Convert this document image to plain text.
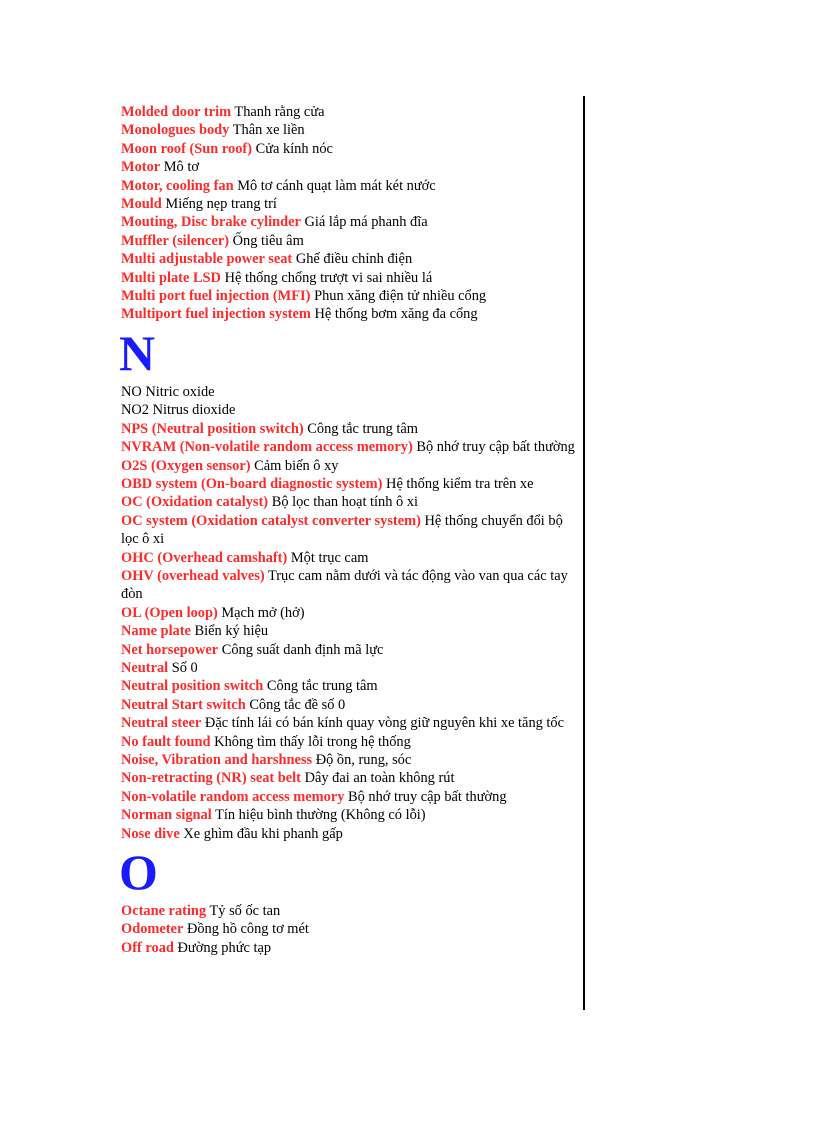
Molded door trim Thanh rằng cửa
Monologues body Thân xe liền
Moon roof (Sun roof) Cửa kính nóc
Motor Mô tơ
Motor, cooling fan Mô tơ cánh quạt làm mát két nước
Mould Miếng nẹp trang trí
Mouting, Disc brake cylinder Giá lắp má phanh đĩa
Muffler (silencer) Ống tiêu âm
Multi adjustable power seat Ghế điều chỉnh điện
Multi plate LSD Hệ thống chống trượt vi sai nhiều lá
Multi port fuel injection (MFI) Phun xăng điện tử nhiều cổng
Multiport fuel injection system Hệ thống bơm xăng đa cổng
N
NO Nitric oxide
NO2 Nitrus dioxide
NPS (Neutral position switch) Công tắc trung tâm
NVRAM (Non-volatile random access memory) Bộ nhớ truy cập bất thường
O2S (Oxygen sensor) Cảm biến ô xy
OBD system (On-board diagnostic system) Hệ thống kiểm tra trên xe
OC (Oxidation catalyst) Bộ lọc than hoạt tính ô xi
OC system (Oxidation catalyst converter system) Hệ thống chuyển đổi bộ lọc ô xi
OHC (Overhead camshaft) Một trục cam
OHV (overhead valves) Trục cam nằm dưới và tác động vào van qua các tay đòn
OL (Open loop) Mạch mở (hở)
Name plate Biển ký hiệu
Net horsepower Công suất danh định mã lực
Neutral Số 0
Neutral position switch Công tắc trung tâm
Neutral Start switch Công tắc đề số 0
Neutral steer Đặc tính lái có bán kính quay vòng giữ nguyên khi xe tăng tốc
No fault found Không tìm thấy lỗi trong hệ thống
Noise, Vibration and harshness Độ ồn, rung, sóc
Non-retracting (NR) seat belt Dây đai an toàn không rút
Non-volatile random access memory Bộ nhớ truy cập bất thường
Norman signal Tín hiệu bình thường (Không có lỗi)
Nose dive Xe ghìm đầu khi phanh gấp
O
Octane rating Tỷ số ốc tan
Odometer Đồng hồ công tơ mét
Off road Đường phức tạp
